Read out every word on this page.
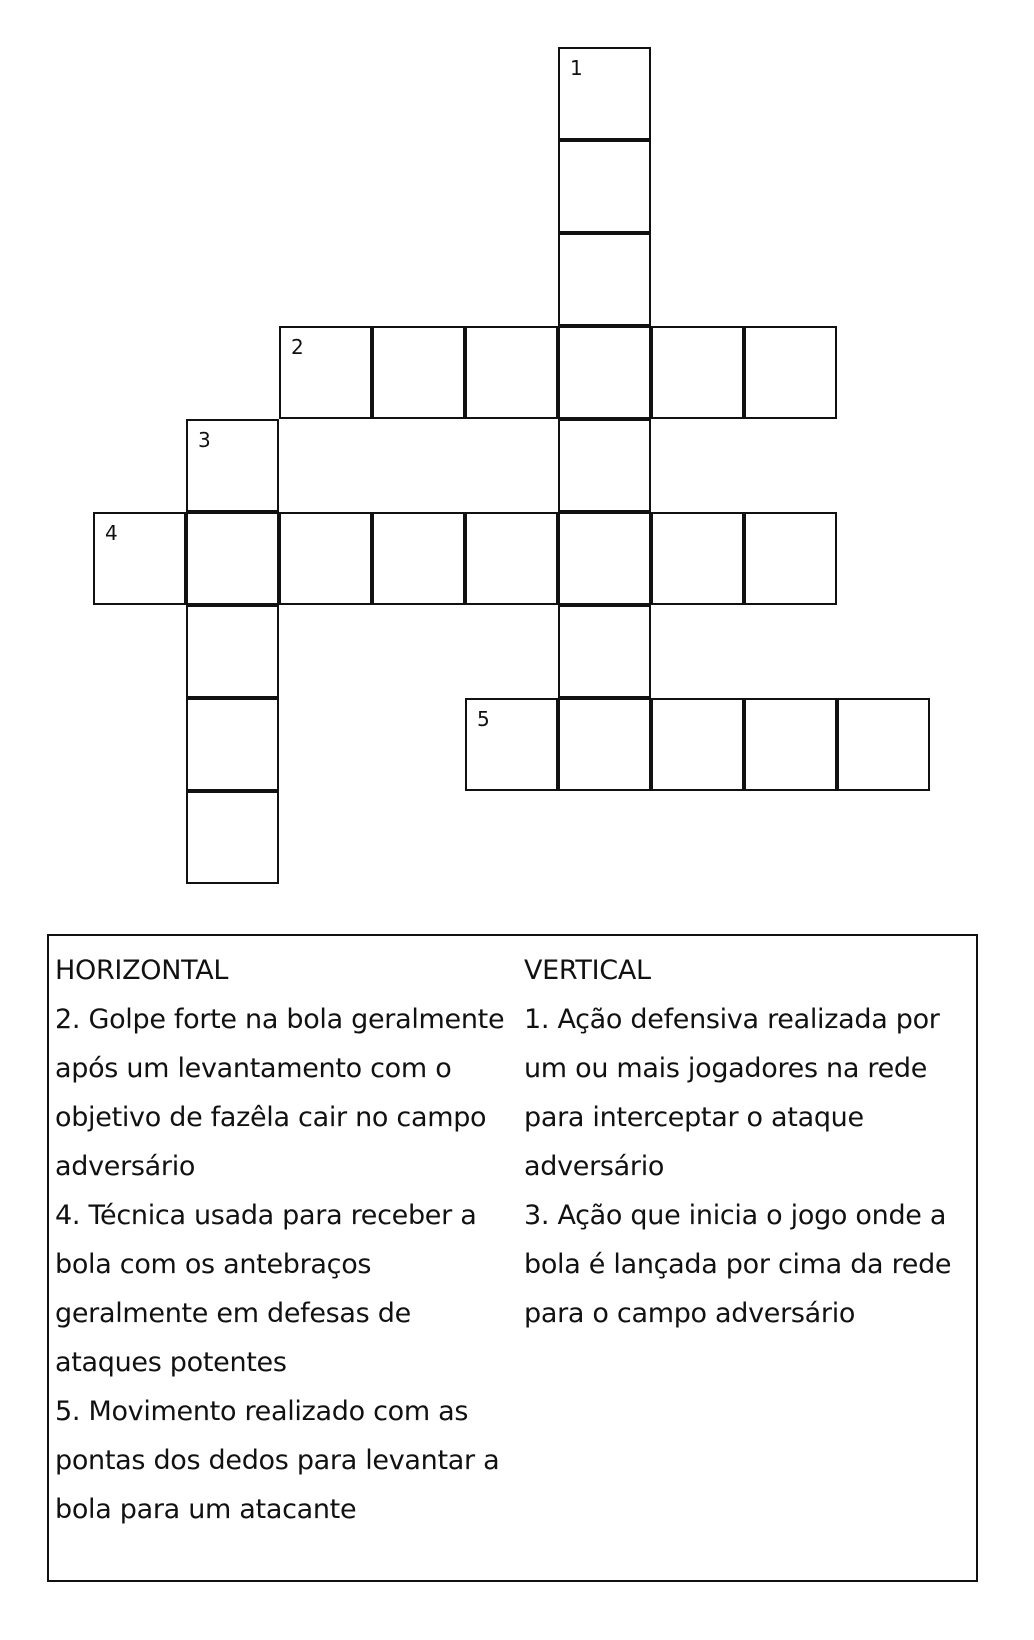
1
2
3
4
5
HORIZONTAL
2. Golpe forte na bola geralmente
após um levantamento com o
objetivo de fazêla cair no campo
adversário
4. Técnica usada para receber a
bola com os antebraços
geralmente em defesas de
ataques potentes
5. Movimento realizado com as
pontas dos dedos para levantar a
bola para um atacante
VERTICAL
1. Ação defensiva realizada por
um ou mais jogadores na rede
para interceptar o ataque
adversário
3. Ação que inicia o jogo onde a
bola é lançada por cima da rede
para o campo adversário
